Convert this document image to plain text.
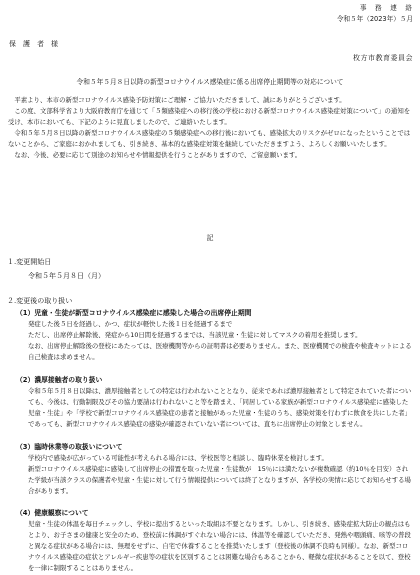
事　務　連　絡
令和５年（2023年）５月
保　護　者　様
枚方市教育委員会
令和５年５月８日以降の新型コロナウイルス感染症に係る出席停止期間等の対応について

　平素より、本市の新型コロナウイルス感染予防対策にご理解・ご協力いただきまして、誠にありがとうございます。

　この度、文部科学省より大阪府教育庁を通じて「５類感染症への移行後の学校における新型コロナウイルス感染症対策について」の通知を受け、本市においても、下記のように見直しましたので、ご連絡いたします。

　令和５年５月８日以降の新型コロナウイルス感染症の５類感染症への移行後においても、感染拡大のリスクがゼロになったということではないことから、ご家庭におかれましても、引き続き、基本的な感染症対策を継続していただきますよう、よろしくお願いいたします。

　なお、今後、必要に応じて別途のお知らせや情報提供を行うことがありますので、ご留意願います。

記
１.変更開始日
令和５年５月８日（月）
２.変更後の取り扱い

（1）児童・生徒が新型コロナウイルス感染症に感染した場合の出席停止期間

発症した後５日を経過し、かつ、症状が軽快した後１日を経過するまで

ただし、出席停止解除後、発症から10日間を経過するまでは、当該児童・生徒に対してマスクの着用を推奨します。

なお、出席停止解除後の登校にあたっては、医療機関等からの証明書は必要ありません。また、医療機関での検査や検査キットによる自己検査は求めません。

（2）濃厚接触者の取り扱い

令和５年５月８日以降は、濃厚接触者としての特定は行われないこととなり、従来であれば濃厚接触者として特定されていた者についても、今後は、行動制限及びその協力要請は行われないこと等を踏まえ、「同居している家族が新型コロナウイルス感染症に感染した児童・生徒」や「学校で新型コロナウイルス感染症の患者と接触があった児童・生徒のうち、感染対策を行わずに飲食を共にした者」であっても、新型コロナウイルス感染症の感染が確認されていない者については、直ちに出席停止の対象としません。

（3）臨時休業等の取扱いについて

学校内で感染が広がっている可能性が考えられる場合には、学校医等と相談し、臨時休業を検討します。

新型コロナウイルス感染症に感染して出席停止の措置を取った児童・生徒数が　15％には満たないが複数確認（約10％を目安）された学級が当該クラスの保護者や児童・生徒に対して行う情報提供については終了となりますが、各学校の実情に応じてお知らせする場合があります。

（4）健康観察について

児童・生徒の体温を毎日チェックし、学校に提出するといった取組は不要となります。しかし、引き続き、感染症拡大防止の観点はもとより、お子さまの健康と安全のため、登校前に体調がすぐれない場合には、体温等を確認していただき、発熱や咽頭痛、咳等の普段と異なる症状がある場合には、無理をせずに、自宅で休養することを推奨いたします（登校後の体調不良時も同様）。なお、新型コロナウイルス感染症の症状とアレルギー疾患等の症状を区別することは困難な場合もあることから、軽微な症状があることを以て、登校を一律に制限することはありません。
